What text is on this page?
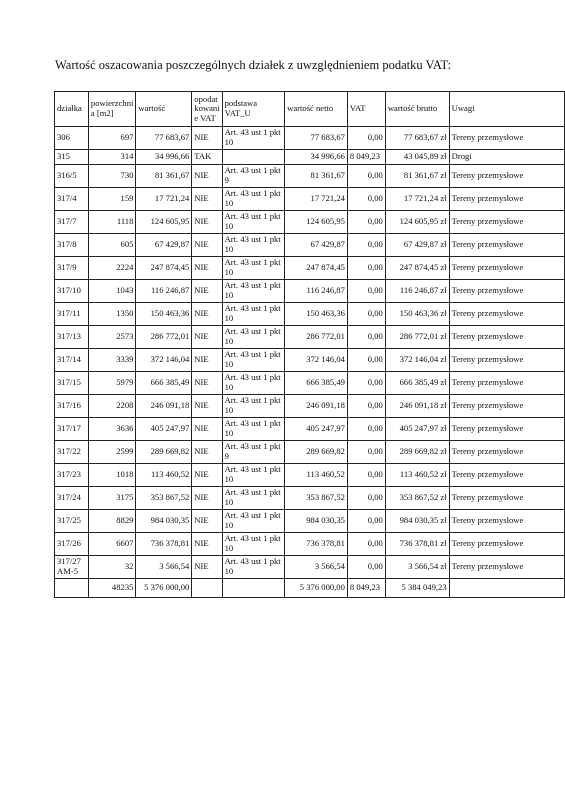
Wartość oszacowania poszczególnych działek z uwzględnieniem podatku VAT:
działka	powierzchni a [m2]	wartość	opodat kowani e VAT	podstawa VAT_U	wartość netto	VAT	wartość brutto	Uwagi
306	697	77 683,67	NIE	Art. 43 ust 1 pkt 10	77 683,67	0,00	77 683,67 zł	Tereny przemysłowe
315	314	34 996,66	TAK		34 996,66	8 049,23	43 045,89 zł	Drogi
316/5	730	81 361,67	NIE	Art. 43 ust 1 pkt 9	81 361,67	0,00	81 361,67 zł	Tereny przemysłowe
317/4	159	17 721,24	NIE	Art. 43 ust 1 pkt 10	17 721,24	0,00	17 721,24 zł	Tereny przemysłowe
317/7	1118	124 605,95	NIE	Art. 43 ust 1 pkt 10	124 605,95	0,00	124 605,95 zł	Tereny przemysłowe
317/8	605	67 429,87	NIE	Art. 43 ust 1 pkt 10	67 429,87	0,00	67 429,87 zł	Tereny przemysłowe
317/9	2224	247 874,45	NIE	Art. 43 ust 1 pkt 10	247 874,45	0,00	247 874,45 zł	Tereny przemysłowe
317/10	1043	116 246,87	NIE	Art. 43 ust 1 pkt 10	116 246,87	0,00	116 246,87 zł	Tereny przemysłowe
317/11	1350	150 463,36	NIE	Art. 43 ust 1 pkt 10	150 463,36	0,00	150 463,36 zł	Tereny przemysłowe
317/13	2573	286 772,01	NIE	Art. 43 ust 1 pkt 10	286 772,01	0,00	286 772,01 zł	Tereny przemysłowe
317/14	3339	372 146,04	NIE	Art. 43 ust 1 pkt 10	372 146,04	0,00	372 146,04 zł	Tereny przemysłowe
317/15	5979	666 385,49	NIE	Art. 43 ust 1 pkt 10	666 385,49	0,00	666 385,49 zł	Tereny przemysłowe
317/16	2208	246 091,18	NIE	Art. 43 ust 1 pkt 10	246 091,18	0,00	246 091,18 zł	Tereny przemysłowe
317/17	3636	405 247,97	NIE	Art. 43 ust 1 pkt 10	405 247,97	0,00	405 247,97 zł	Tereny przemysłowe
317/22	2599	289 669,82	NIE	Art. 43 ust 1 pkt 9	289 669,82	0,00	289 669,82 zł	Tereny przemysłowe
317/23	1018	113 460,52	NIE	Art. 43 ust 1 pkt 10	113 460,52	0,00	113 460,52 zł	Tereny przemysłowe
317/24	3175	353 867,52	NIE	Art. 43 ust 1 pkt 10	353 867,52	0,00	353 867,52 zł	Tereny przemysłowe
317/25	8829	984 030,35	NIE	Art. 43 ust 1 pkt 10	984 030,35	0,00	984 030,35 zł	Tereny przemysłowe
317/26	6607	736 378,81	NIE	Art. 43 ust 1 pkt 10	736 378,81	0,00	736 378,81 zł	Tereny przemysłowe
317/27 AM-5	32	3 566,54	NIE	Art. 43 ust 1 pkt 10	3 566,54	0,00	3 566,54 zł	Tereny przemysłowe
	48235	5 376 000,00			5 376 000,00	8 049,23	5 384 049,23	
